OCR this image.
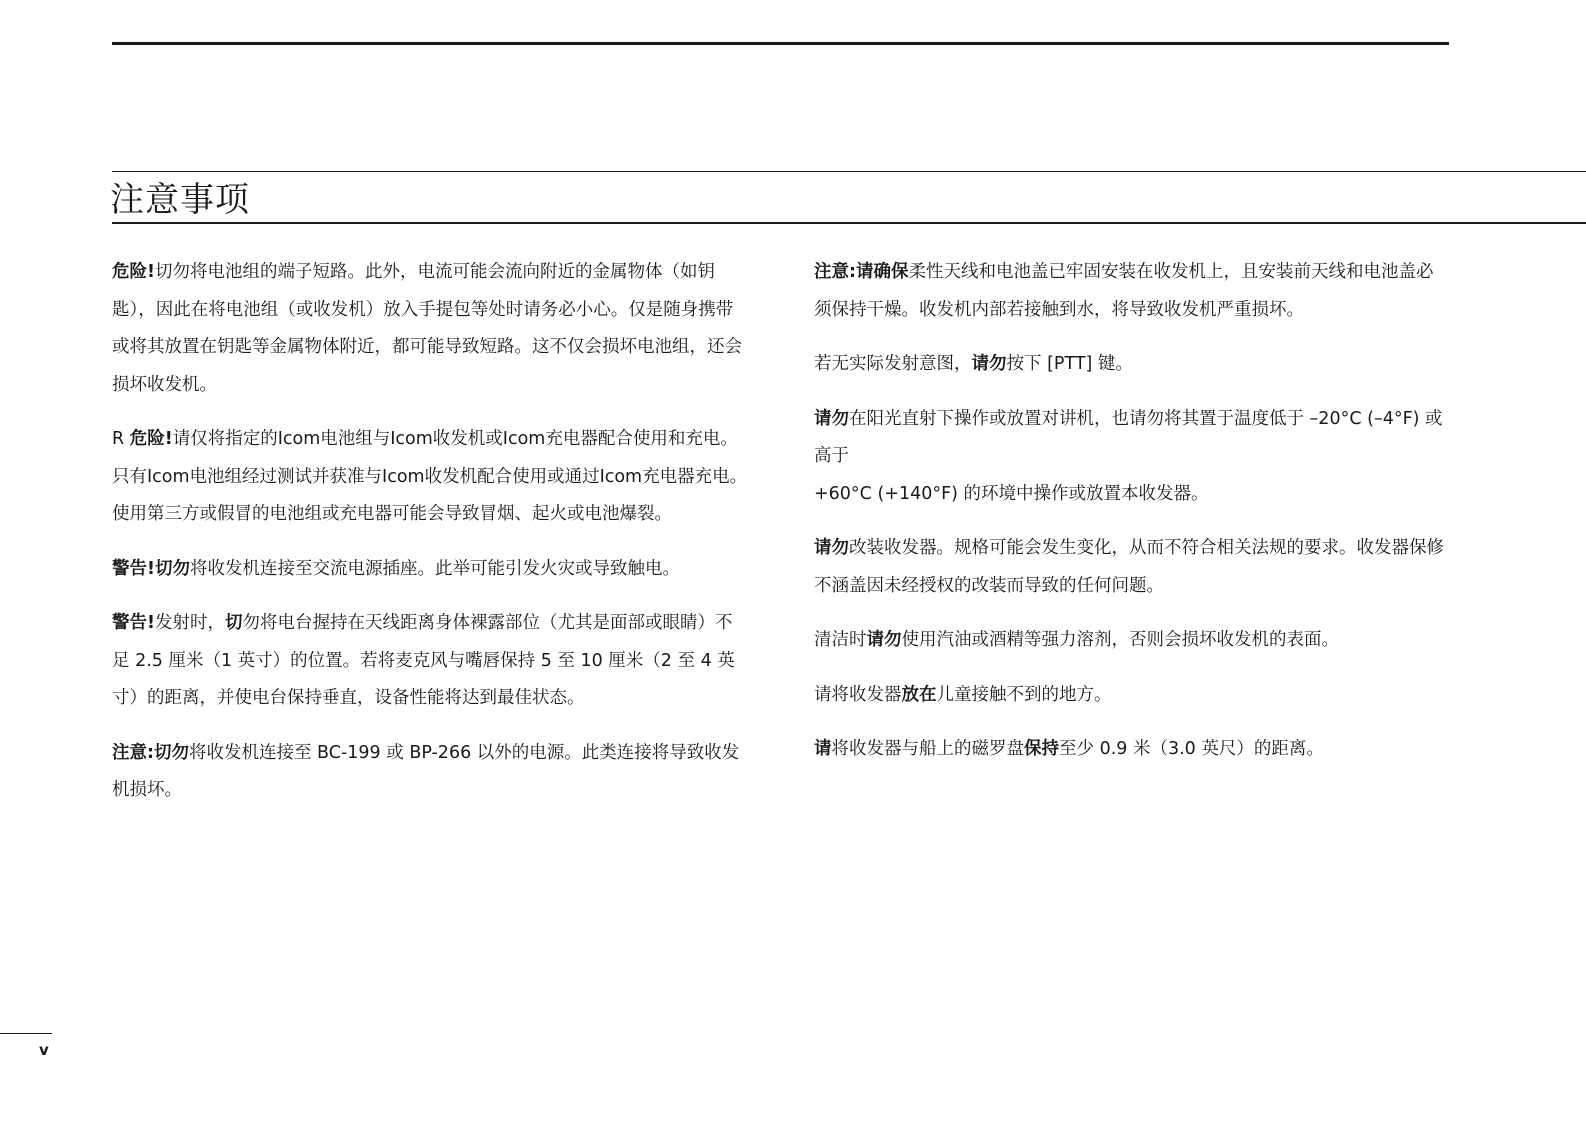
注意事项

危险!切勿将电池组的端子短路。此外，电流可能会流向附近的金属物体（如钥匙），因此在将电池组（或收发机）放入手提包等处时请务必小心。仅是随身携带或将其放置在钥匙等金属物体附近，都可能导致短路。这不仅会损坏电池组，还会损坏收发机。

R 危险!请仅将指定的Icom电池组与Icom收发机或Icom充电器配合使用和充电。只有Icom电池组经过测试并获准与Icom收发机配合使用或通过Icom充电器充电。使用第三方或假冒的电池组或充电器可能会导致冒烟、起火或电池爆裂。

警告!切勿将收发机连接至交流电源插座。此举可能引发火灾或导致触电。

警告!发射时，切勿将电台握持在天线距离身体裸露部位（尤其是面部或眼睛）不足 2.5 厘米（1 英寸）的位置。若将麦克风与嘴唇保持 5 至 10 厘米（2 至 4 英寸）的距离，并使电台保持垂直，设备性能将达到最佳状态。

注意:切勿将收发机连接至 BC-199 或 BP-266 以外的电源。此类连接将导致收发机损坏。

注意:请确保柔性天线和电池盖已牢固安装在收发机上，且安装前天线和电池盖必须保持干燥。收发机内部若接触到水，将导致收发机严重损坏。

若无实际发射意图，请勿按下 [PTT] 键。

请勿在阳光直射下操作或放置对讲机，也请勿将其置于温度低于 –20°C (–4°F) 或高于
+60°C (+140°F) 的环境中操作或放置本收发器。

请勿改装收发器。规格可能会发生变化，从而不符合相关法规的要求。收发器保修不涵盖因未经授权的改装而导致的任何问题。

清洁时请勿使用汽油或酒精等强力溶剂，否则会损坏收发机的表面。

请将收发器放在儿童接触不到的地方。

请将收发器与船上的磁罗盘保持至少 0.9 米（3.0 英尺）的距离。

v
